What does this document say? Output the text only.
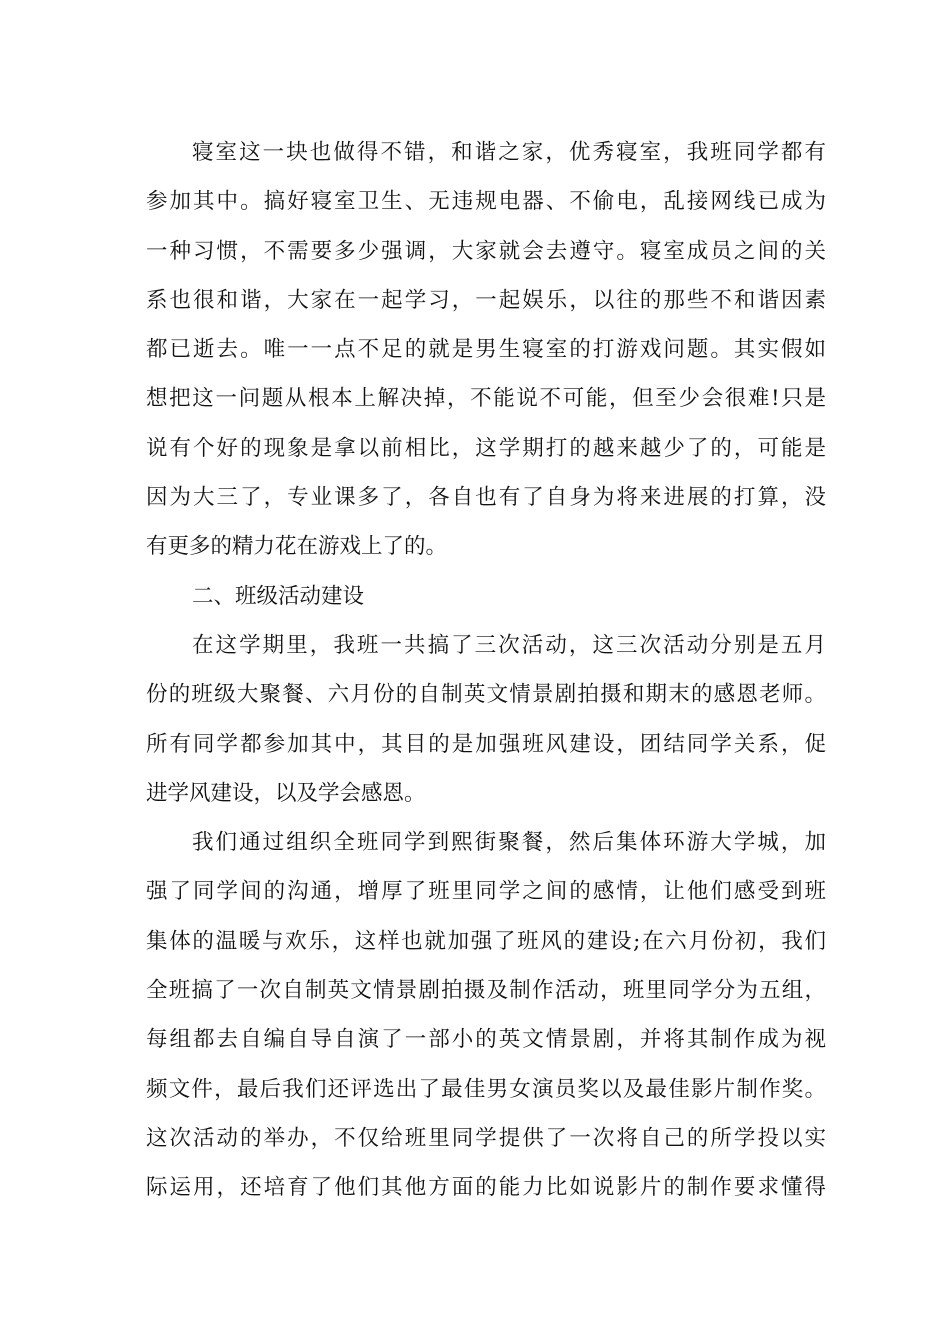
寝室这一块也做得不错，和谐之家，优秀寝室，我班同学都有
参加其中。搞好寝室卫生、无违规电器、不偷电，乱接网线已成为
一种习惯，不需要多少强调，大家就会去遵守。寝室成员之间的关
系也很和谐，大家在一起学习，一起娱乐，以往的那些不和谐因素
都已逝去。唯一一点不足的就是男生寝室的打游戏问题。其实假如
想把这一问题从根本上解决掉，不能说不可能，但至少会很难!只是
说有个好的现象是拿以前相比，这学期打的越来越少了的，可能是
因为大三了，专业课多了，各自也有了自身为将来进展的打算，没
有更多的精力花在游戏上了的。
二、班级活动建设
在这学期里，我班一共搞了三次活动，这三次活动分别是五月
份的班级大聚餐、六月份的自制英文情景剧拍摄和期末的感恩老师。
所有同学都参加其中，其目的是加强班风建设，团结同学关系，促
进学风建设，以及学会感恩。
我们通过组织全班同学到熙街聚餐，然后集体环游大学城，加
强了同学间的沟通，增厚了班里同学之间的感情，让他们感受到班
集体的温暖与欢乐，这样也就加强了班风的建设;在六月份初，我们
全班搞了一次自制英文情景剧拍摄及制作活动，班里同学分为五组，
每组都去自编自导自演了一部小的英文情景剧，并将其制作成为视
频文件，最后我们还评选出了最佳男女演员奖以及最佳影片制作奖。
这次活动的举办，不仅给班里同学提供了一次将自己的所学投以实
际运用，还培育了他们其他方面的能力比如说影片的制作要求懂得
